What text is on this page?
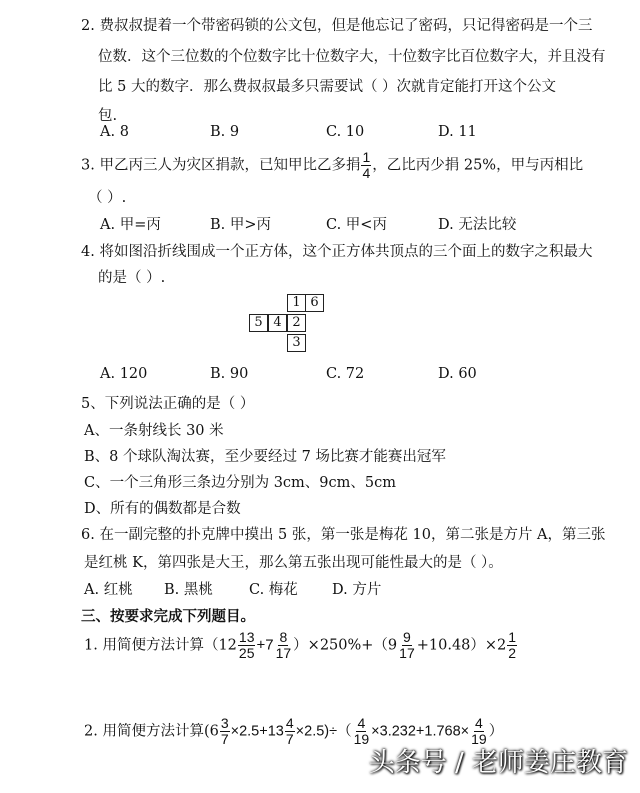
2. 费叔叔提着一个带密码锁的公文包，但是他忘记了密码，只记得密码是一个三
位数．这个三位数的个位数字比十位数字大，十位数字比百位数字大，并且没有
比 5 大的数字．那么费叔叔最多只需要试（ ）次就肯定能打开这个公文
包.
A. 8	B. 9	C. 10	D. 11
3. 甲乙丙三人为灾区捐款，已知甲比乙多捐 $\frac{1}{4}$ ，乙比丙少捐 25%，甲与丙相比
（ ）.
A. 甲=丙	B. 甲>丙	C. 甲<丙	D. 无法比较
4. 将如图沿折线围成一个正方体，这个正方体共顶点的三个面上的数字之积最大
的是（ ）.
1 6
5 4 2
3
A. 120	B. 90	C. 72	D. 60
5、下列说法正确的是（ ）
A、一条射线长 30 米
B、8 个球队淘汰赛，至少要经过 7 场比赛才能赛出冠军
C、一个三角形三条边分别为 3cm、9cm、5cm
D、所有的偶数都是合数
6. 在一副完整的扑克牌中摸出 5 张，第一张是梅花 10，第二张是方片 A，第三张
是红桃 K，第四张是大王，那么第五张出现可能性最大的是（ ）。
A. 红桃 B. 黑桃 C. 梅花 D. 方片
三、按要求完成下列题目。
1. 用简便方法计算$(12 \frac{13}{25} +7 \frac{8}{17} )\times 250\%+(9 \frac{9}{17} +10.48)\times 2 \frac{1}{2}$
2. 用简便方法计算$(6 \frac{3}{7} \times 2.5+13 \frac{4}{7} \times 2.5)\div( \frac{4}{19} \times 3.232+1.768\times \frac{4}{19}$ ）
头条号 / 老师姜庄教育
